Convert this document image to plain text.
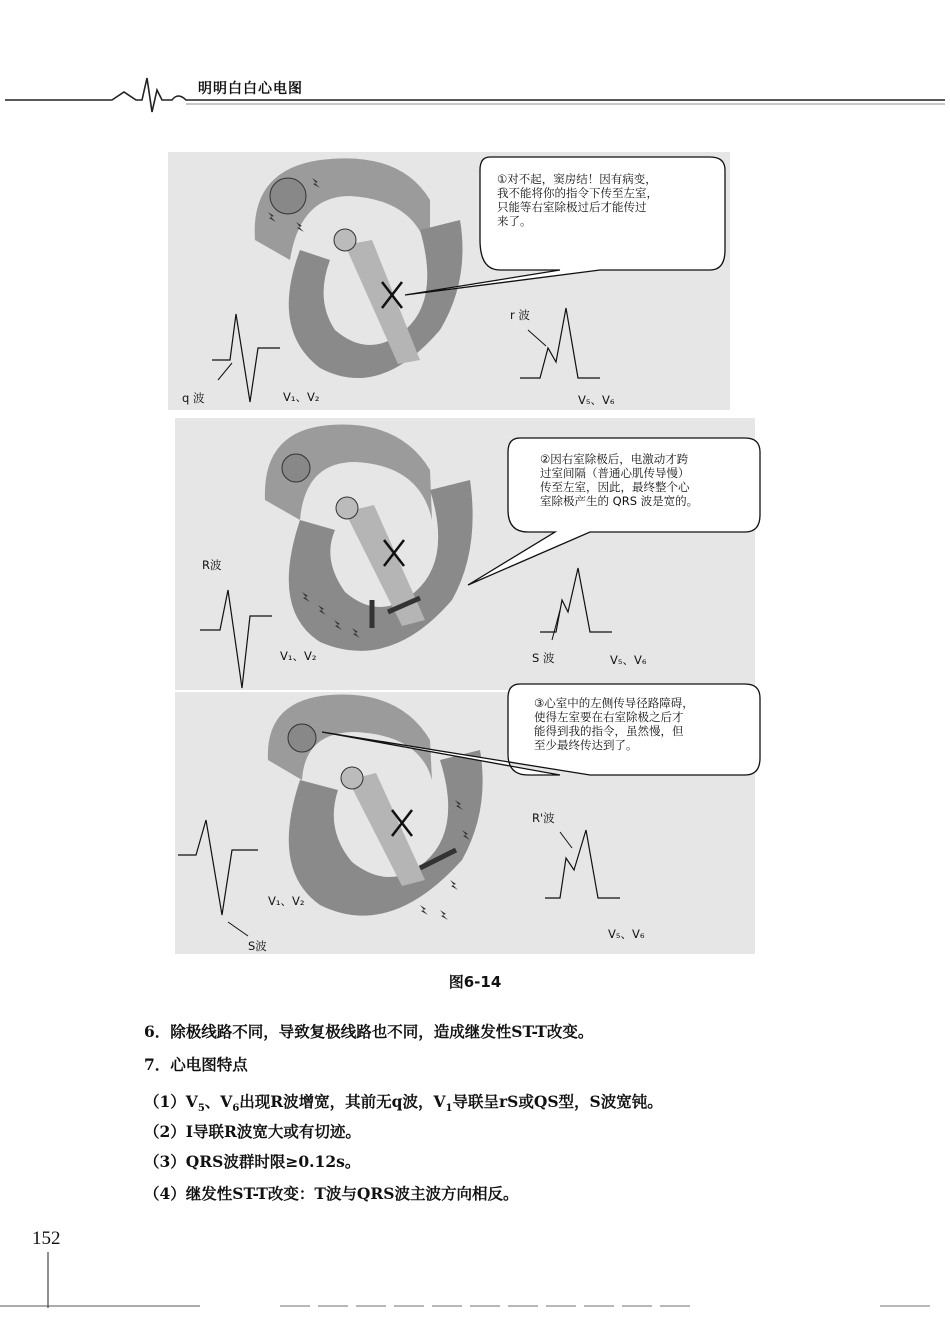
明明白白心电图
①对不起，窦房结！因有病变，
我不能将你的指令下传至左室，
只能等右室除极过后才能传过
来了。
q 波	V₁、V₂
r 波
V₅、V₆
②因右室除极后，电激动才跨
过室间隔（普通心肌传导慢）
传至左室，因此，最终整个心
室除极产生的 QRS 波是宽的。
R波
V₁、V₂	S 波	V₅、V₆
③心室中的左侧传导径路障碍，
使得左室要在右室除极之后才
能得到我的指令，虽然慢，但
至少最终传达到了。
S波
V₁、V₂
R'波
V₅、V₆
图6-14
6．除极线路不同，导致复极线路也不同，造成继发性ST-T改变。
7．心电图特点
$(1)V_5$、$V_6$出现R波增宽，其前无q波，$V_1$导联呈rS或QS型，S波宽钝。
（2）Ⅰ导联R波宽大或有切迹。
（3）QRS波群时限≥0.12s。
（4）继发性ST-T改变：T波与QRS波主波方向相反。
152
